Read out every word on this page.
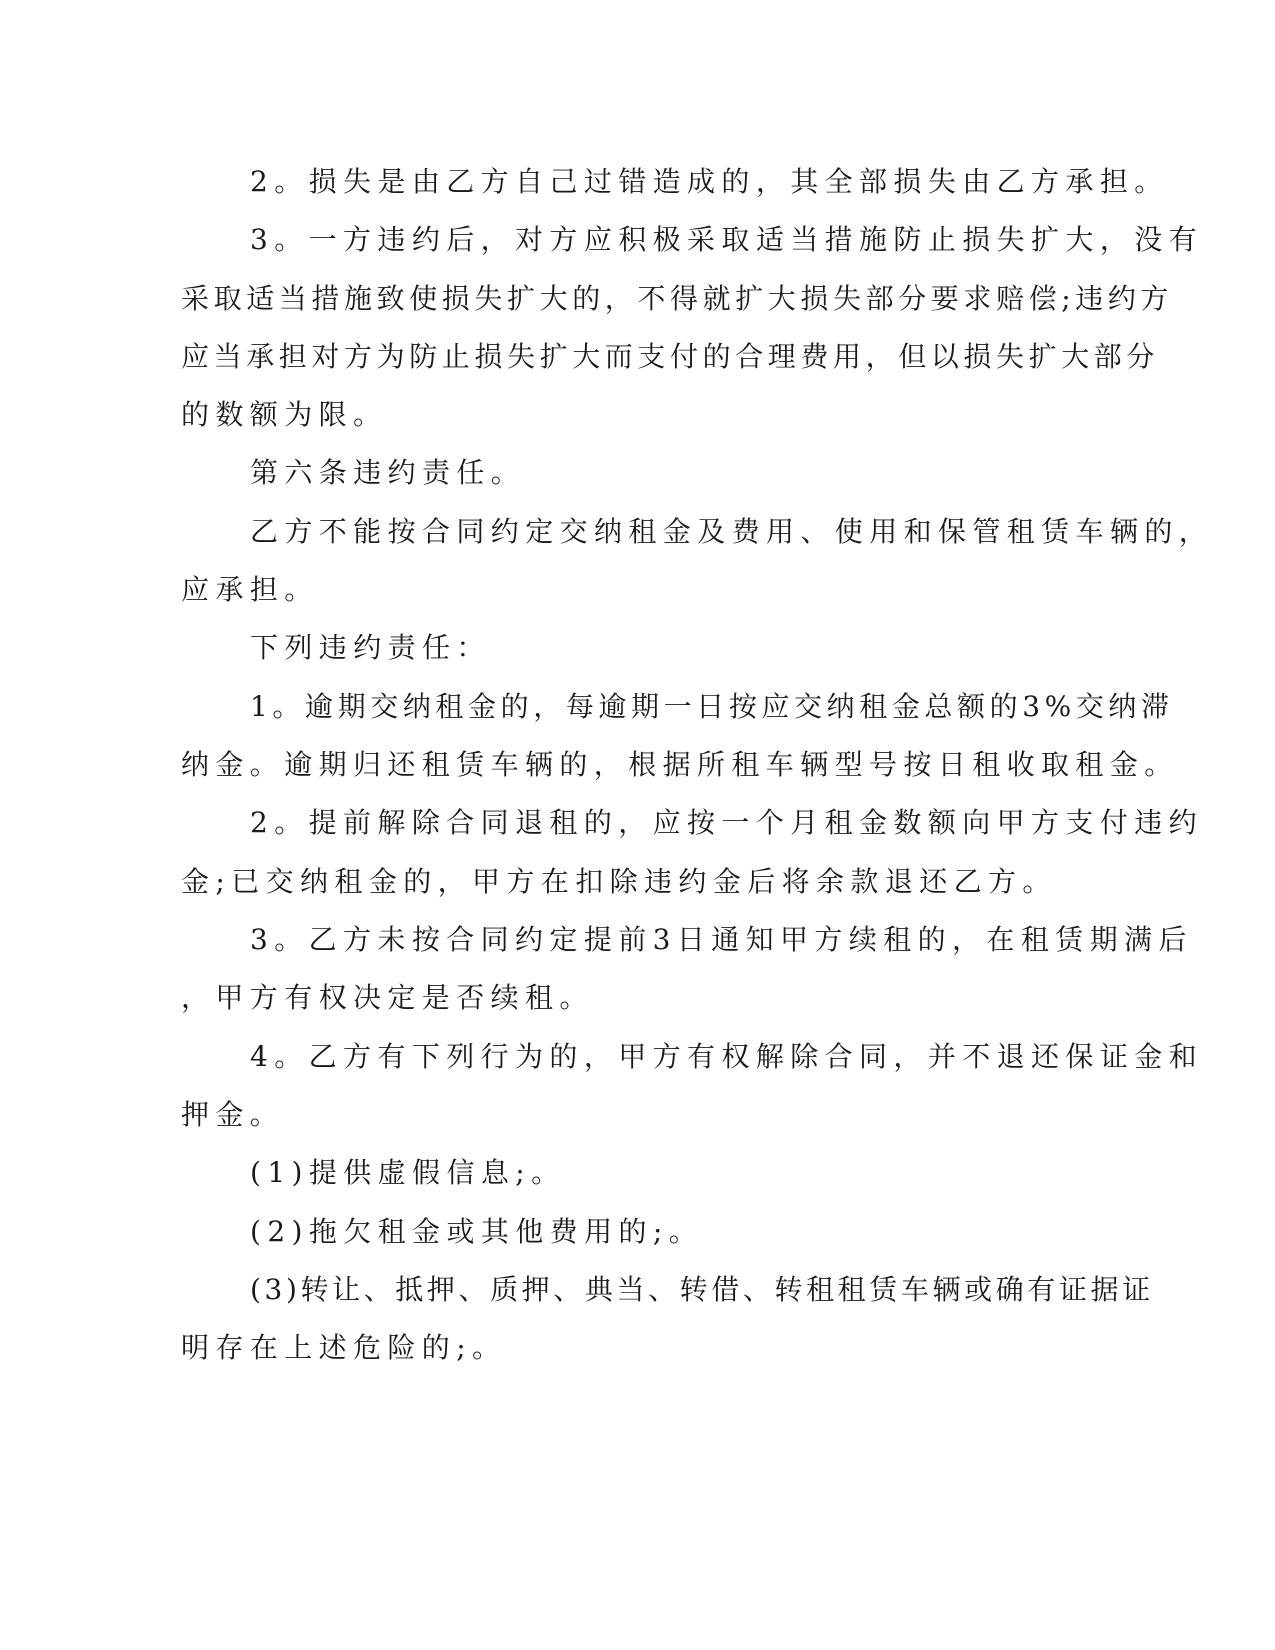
2。损失是由乙方自己过错造成的，其全部损失由乙方承担。
3。一方违约后，对方应积极采取适当措施防止损失扩大，没有
采取适当措施致使损失扩大的，不得就扩大损失部分要求赔偿;违约方
应当承担对方为防止损失扩大而支付的合理费用，但以损失扩大部分
的数额为限。
第六条违约责任。
乙方不能按合同约定交纳租金及费用、使用和保管租赁车辆的，
应承担。
下列违约责任：
1。逾期交纳租金的，每逾期一日按应交纳租金总额的3%交纳滞
纳金。逾期归还租赁车辆的，根据所租车辆型号按日租收取租金。
2。提前解除合同退租的，应按一个月租金数额向甲方支付违约
金;已交纳租金的，甲方在扣除违约金后将余款退还乙方。
3。乙方未按合同约定提前3日通知甲方续租的，在租赁期满后
，甲方有权决定是否续租。
4。乙方有下列行为的，甲方有权解除合同，并不退还保证金和
押金。
(1)提供虚假信息;。
(2)拖欠租金或其他费用的;。
(3)转让、抵押、质押、典当、转借、转租租赁车辆或确有证据证
明存在上述危险的;。
